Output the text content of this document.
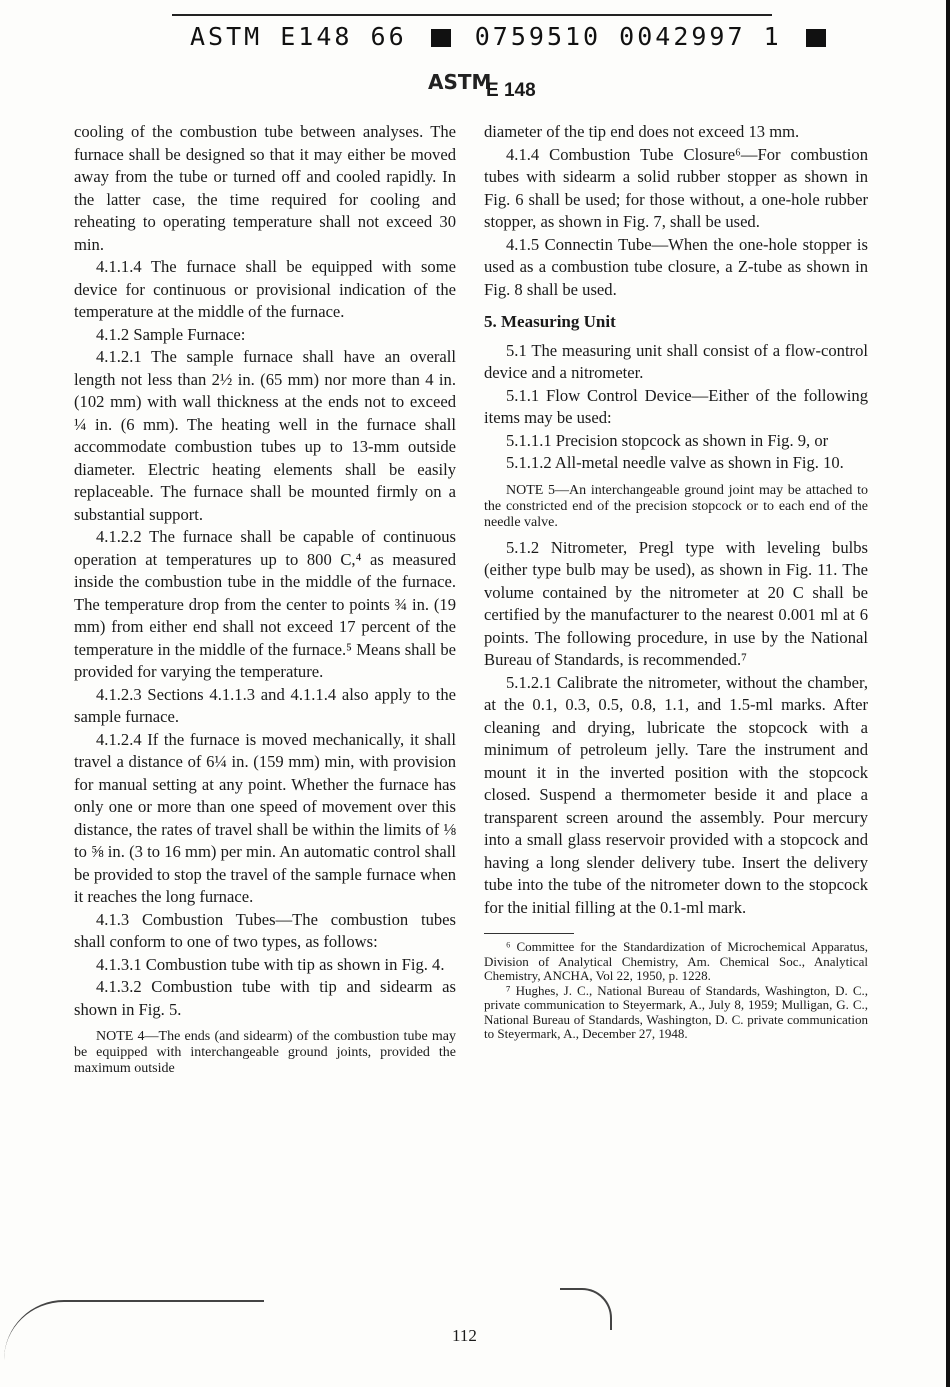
ASTM E148 66	0759510 0042997 1
ASTM
E 148

cooling of the combustion tube between analyses. The furnace shall be designed so that it may either be moved away from the tube or turned off and cooled rapidly. In the latter case, the time required for cooling and reheating to operating temperature shall not exceed 30 min.

4.1.1.4 The furnace shall be equipped with some device for continuous or provisional indication of the temperature at the middle of the furnace.

4.1.2 Sample Furnace:

4.1.2.1 The sample furnace shall have an overall length not less than 2½ in. (65 mm) nor more than 4 in. (102 mm) with wall thickness at the ends not to exceed ¼ in. (6 mm). The heating well in the furnace shall accommodate combustion tubes up to 13-mm outside diameter. Electric heating elements shall be easily replaceable. The furnace shall be mounted firmly on a substantial support.

4.1.2.2 The furnace shall be capable of continuous operation at temperatures up to 800 C,⁴ as measured inside the combustion tube in the middle of the furnace. The temperature drop from the center to points ¾ in. (19 mm) from either end shall not exceed 17 percent of the temperature in the middle of the furnace.⁵ Means shall be provided for varying the temperature.

4.1.2.3 Sections 4.1.1.3 and 4.1.1.4 also apply to the sample furnace.

4.1.2.4 If the furnace is moved mechanically, it shall travel a distance of 6¼ in. (159 mm) min, with provision for manual setting at any point. Whether the furnace has only one or more than one speed of movement over this distance, the rates of travel shall be within the limits of ⅛ to ⅝ in. (3 to 16 mm) per min. An automatic control shall be provided to stop the travel of the sample furnace when it reaches the long furnace.

4.1.3 Combustion Tubes—The combustion tubes shall conform to one of two types, as follows:

4.1.3.1 Combustion tube with tip as shown in Fig. 4.

4.1.3.2 Combustion tube with tip and sidearm as shown in Fig. 5.

NOTE 4—The ends (and sidearm) of the combustion tube may be equipped with interchangeable ground joints, provided the maximum outside

diameter of the tip end does not exceed 13 mm.

4.1.4 Combustion Tube Closure⁶—For combustion tubes with sidearm a solid rubber stopper as shown in Fig. 6 shall be used; for those without, a one-hole rubber stopper, as shown in Fig. 7, shall be used.

4.1.5 Connectin Tube—When the one-hole stopper is used as a combustion tube closure, a Z-tube as shown in Fig. 8 shall be used.

5. Measuring Unit

5.1 The measuring unit shall consist of a flow-control device and a nitrometer.

5.1.1 Flow Control Device—Either of the following items may be used:

5.1.1.1 Precision stopcock as shown in Fig. 9, or

5.1.1.2 All-metal needle valve as shown in Fig. 10.

NOTE 5—An interchangeable ground joint may be attached to the constricted end of the precision stopcock or to each end of the needle valve.

5.1.2 Nitrometer, Pregl type with leveling bulbs (either type bulb may be used), as shown in Fig. 11. The volume contained by the nitrometer at 20 C shall be certified by the manufacturer to the nearest 0.001 ml at 6 points. The following procedure, in use by the National Bureau of Standards, is recommended.⁷

5.1.2.1 Calibrate the nitrometer, without the chamber, at the 0.1, 0.3, 0.5, 0.8, 1.1, and 1.5-ml marks. After cleaning and drying, lubricate the stopcock with a minimum of petroleum jelly. Tare the instrument and mount it in the inverted position with the stopcock closed. Suspend a thermometer beside it and place a transparent screen around the assembly. Pour mercury into a small glass reservoir provided with a stopcock and having a long slender delivery tube. Insert the delivery tube into the tube of the nitrometer down to the stopcock for the initial filling at the 0.1-ml mark.

⁶ Committee for the Standardization of Microchemical Apparatus, Division of Analytical Chemistry, Am. Chemical Soc., Analytical Chemistry, ANCHA, Vol 22, 1950, p. 1228.

⁷ Hughes, J. C., National Bureau of Standards, Washington, D. C., private communication to Steyermark, A., July 8, 1959; Mulligan, G. C., National Bureau of Standards, Washington, D. C. private communication to Steyermark, A., December 27, 1948.

112
